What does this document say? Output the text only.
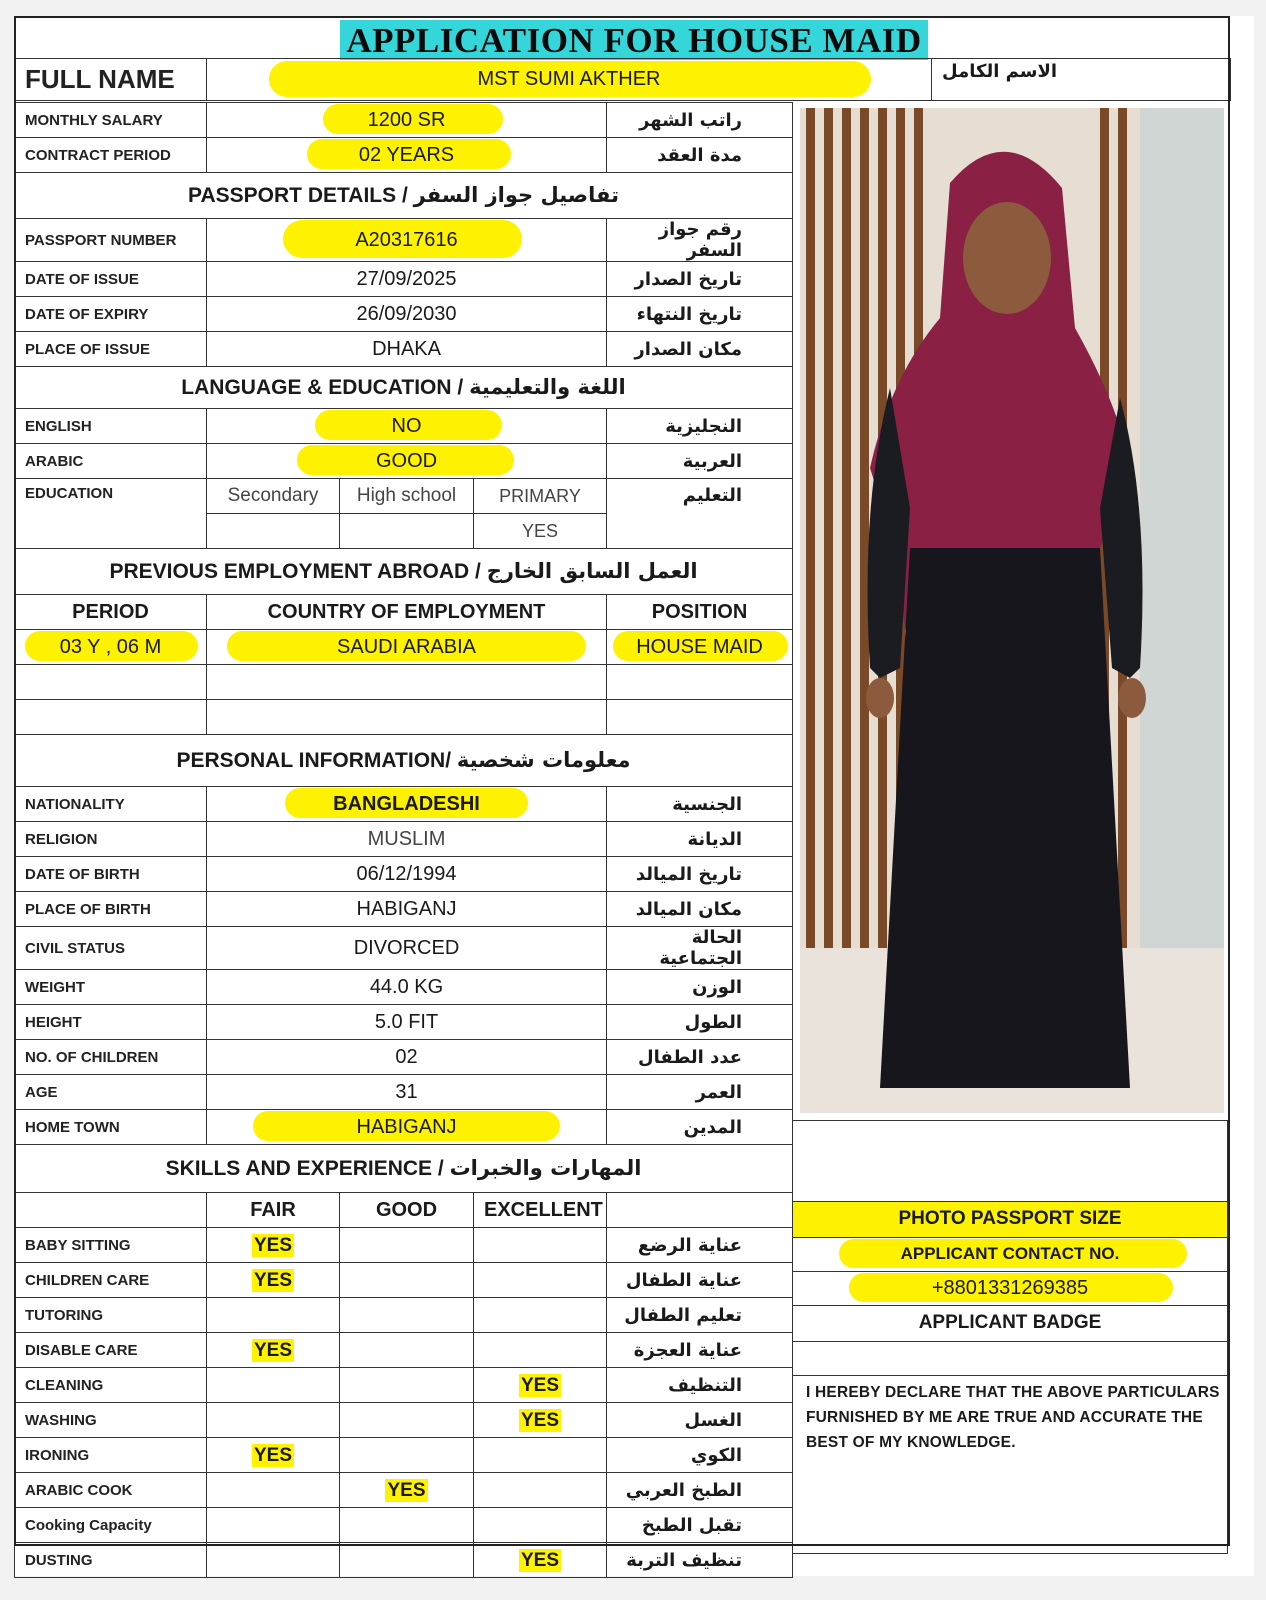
APPLICATION FOR HOUSE MAID
FULL NAME	MST SUMI AKTHER	الاسم الكامل
MONTHLY SALARY	1200 SR			راتب الشهر
CONTRACT PERIOD	02 YEARS			مدة العقد
PASSPORT DETAILS / تفاصيل جواز السفر				
PASSPORT NUMBER	A20317616			رقم جواز السفر
DATE OF ISSUE	27/09/2025			تاريخ الصدار
DATE OF EXPIRY	26/09/2030			تاريخ النتهاء
PLACE OF ISSUE	DHAKA			مكان الصدار
LANGUAGE & EDUCATION / اللغة والتعليمية				
ENGLISH	NO			النجليزية
ARABIC	GOOD			العربية
EDUCATION	Secondary	High school	PRIMARY	التعليم
			YES	
PREVIOUS EMPLOYMENT ABROAD / العمل السابق الخارج				
PERIOD	COUNTRY OF EMPLOYMENT			POSITION

03 Y , 06 M	SAUDI ARABIA			HOUSE MAID

PERSONAL INFORMATION/ معلومات شخصية				
NATIONALITY	BANGLADESHI			الجنسية
RELIGION	MUSLIM			الديانة
DATE OF BIRTH	06/12/1994			تاريخ الميالد
PLACE OF BIRTH	HABIGANJ			مكان الميالد
CIVIL STATUS	DIVORCED			الحالة الجتماعية
WEIGHT	44.0 KG			الوزن
HEIGHT	5.0 FIT			الطول
NO. OF CHILDREN	02			عدد الطفال
AGE	31			العمر
HOME TOWN	HABIGANJ			المدين
SKILLS AND EXPERIENCE / المهارات والخبرات				
	FAIR	GOOD	EXCELLENT	
BABY SITTING	YES			عناية الرضع
CHILDREN CARE	YES			عناية الطفال
TUTORING				تعليم الطفال
DISABLE CARE	YES			عناية العجزة
CLEANING			YES	التنظيف
WASHING			YES	الغسل
IRONING	YES			الكوي
ARABIC COOK		YES		الطبخ العربي
Cooking Capacity				تقبل الطبخ
DUSTING			YES	تنظيف التربة
PHOTO PASSPORT SIZE
APPLICANT CONTACT NO.
+8801331269385
APPLICANT BADGE
I HEREBY DECLARE THAT THE ABOVE PARTICULARS FURNISHED BY ME ARE TRUE AND ACCURATE THE BEST OF MY KNOWLEDGE.
